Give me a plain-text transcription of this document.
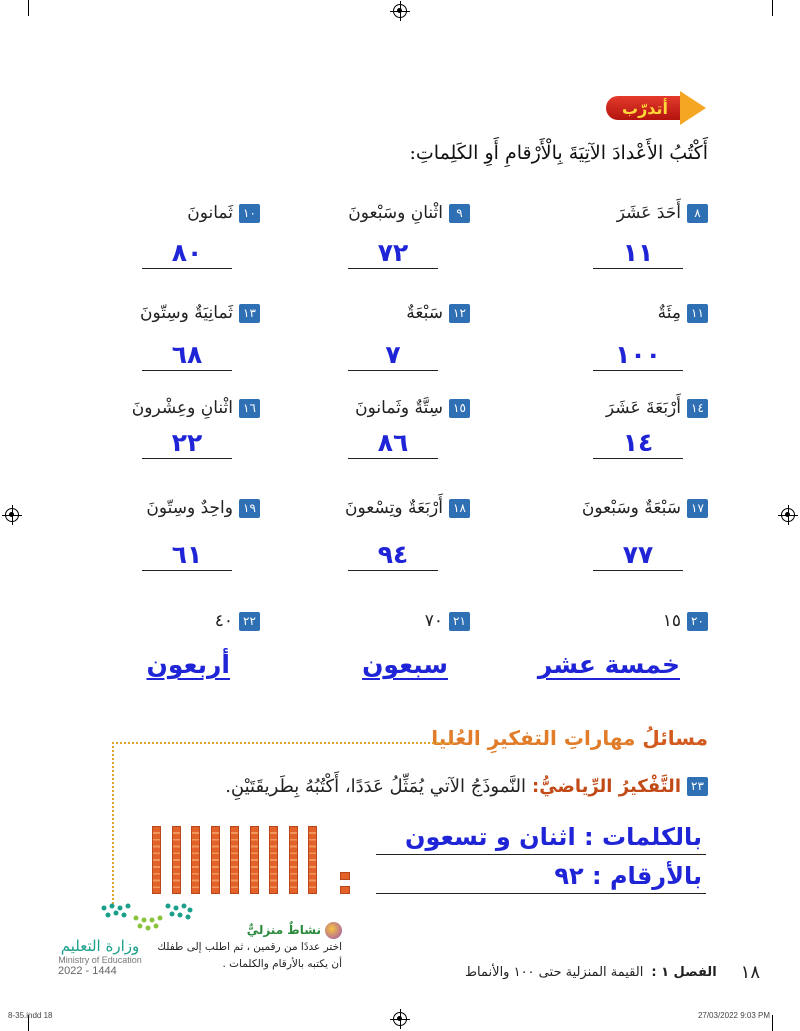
أتدرّب
أَكْتُبُ الأَعْدادَ الآتِيَةَ بِالْأَرْقامِ أَوِ الكَلِماتِ:
٨
أَحَدَ عَشَرَ
٩
اثْنانِ وسَبْعونَ
١٠
ثَمانونَ
١١
٧٢
٨٠
١١
مِئَةٌ
١٢
سَبْعَةٌ
١٣
ثَمانِيَةٌ وسِتّونَ
١٠٠
٧
٦٨
١٤
أَرْبَعَةَ عَشَرَ
١٥
سِتَّةٌ وثَمانونَ
١٦
اثْنانِ وعِشْرونَ
١٤
٨٦
٢٢
١٧
سَبْعَةٌ وسَبْعونَ
١٨
أَرْبَعَةٌ وتِسْعونَ
١٩
واحِدٌ وسِتّونَ
٧٧
٩٤
٦١
٢٠
١٥
٢١
٧٠
٢٢
٤٠
خمسة عشر
سبعون
أربعون
مسائلُ مهاراتِ التفكيرِ العُليا
٢٣
التَّفْكيرُ الرِّياضيُّ:
النَّموذَجُ الآتي يُمَثِّلُ عَدَدًا، أَكْتُبُهُ بِطَريقَتَيْنِ.
بالكلمات : اثنان و تسعون
بالأرقام : ٩٢
وزارة التعليم
Ministry of Education
2022 - 1444
نشاطٌ منزليٌّ
اختر عددًا من رقمين ، ثم اطلب إلى طفلك
أن يكتبه بالأرقام والكلمات .	١٨
الفصل ١ :
القيمة المنزلية حتى ١٠٠ والأنماط
8-35.indd 18	27/03/2022 9:03 PM
